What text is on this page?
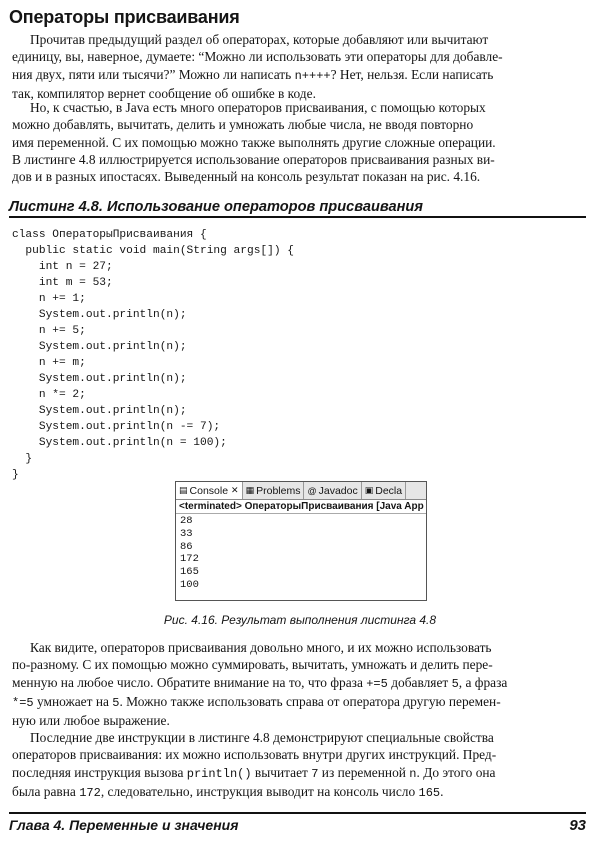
Операторы присваивания

Прочитав предыдущий раздел об операторах, которые добавляют или вычитают
единицу, вы, наверное, думаете: “Можно ли использовать эти операторы для добавле-
ния двух, пяти или тысячи?” Можно ли написать n++++? Нет, нельзя. Если написать
так, компилятор вернет сообщение об ошибке в коде.

Но, к счастью, в Java есть много операторов присваивания, с помощью которых
можно добавлять, вычитать, делить и умножать любые числа, не вводя повторно
имя переменной. С их помощью можно также выполнять другие сложные операции.
В листинге 4.8 иллюстрируется использование операторов присваивания разных ви-
дов и в разных ипостасях. Выведенный на консоль результат показан на рис. 4.16.

Листинг 4.8. Использование операторов присваивания
class ОператорыПрисваивания {
public static void main(String args[]) {
int n = 27;
int m = 53;
n += 1;
System.out.println(n);
n += 5;
System.out.println(n);
n += m;
System.out.println(n);
n *= 2;
System.out.println(n);
System.out.println(n -= 7);
System.out.println(n = 100);
}
}
▤ Console ✕ ▦ Problems @ Javadoc ▣ Decla
<terminated> ОператорыПрисваивания [Java App
28
33
86
172
165
100
Рис. 4.16. Результат выполнения листинга 4.8

Как видите, операторов присваивания довольно много, и их можно использовать
по-разному. С их помощью можно суммировать, вычитать, умножать и делить пере-
менную на любое число. Обратите внимание на то, что фраза +=5 добавляет 5, а фраза
*=5 умножает на 5. Можно также использовать справа от оператора другую перемен-
ную или любое выражение.

Последние две инструкции в листинге 4.8 демонстрируют специальные свойства
операторов присваивания: их можно использовать внутри других инструкций. Пред-
последняя инструкция вызова println() вычитает 7 из переменной n. До этого она
была равна 172, следовательно, инструкция выводит на консоль число 165.

Глава 4. Переменные и значения	93
